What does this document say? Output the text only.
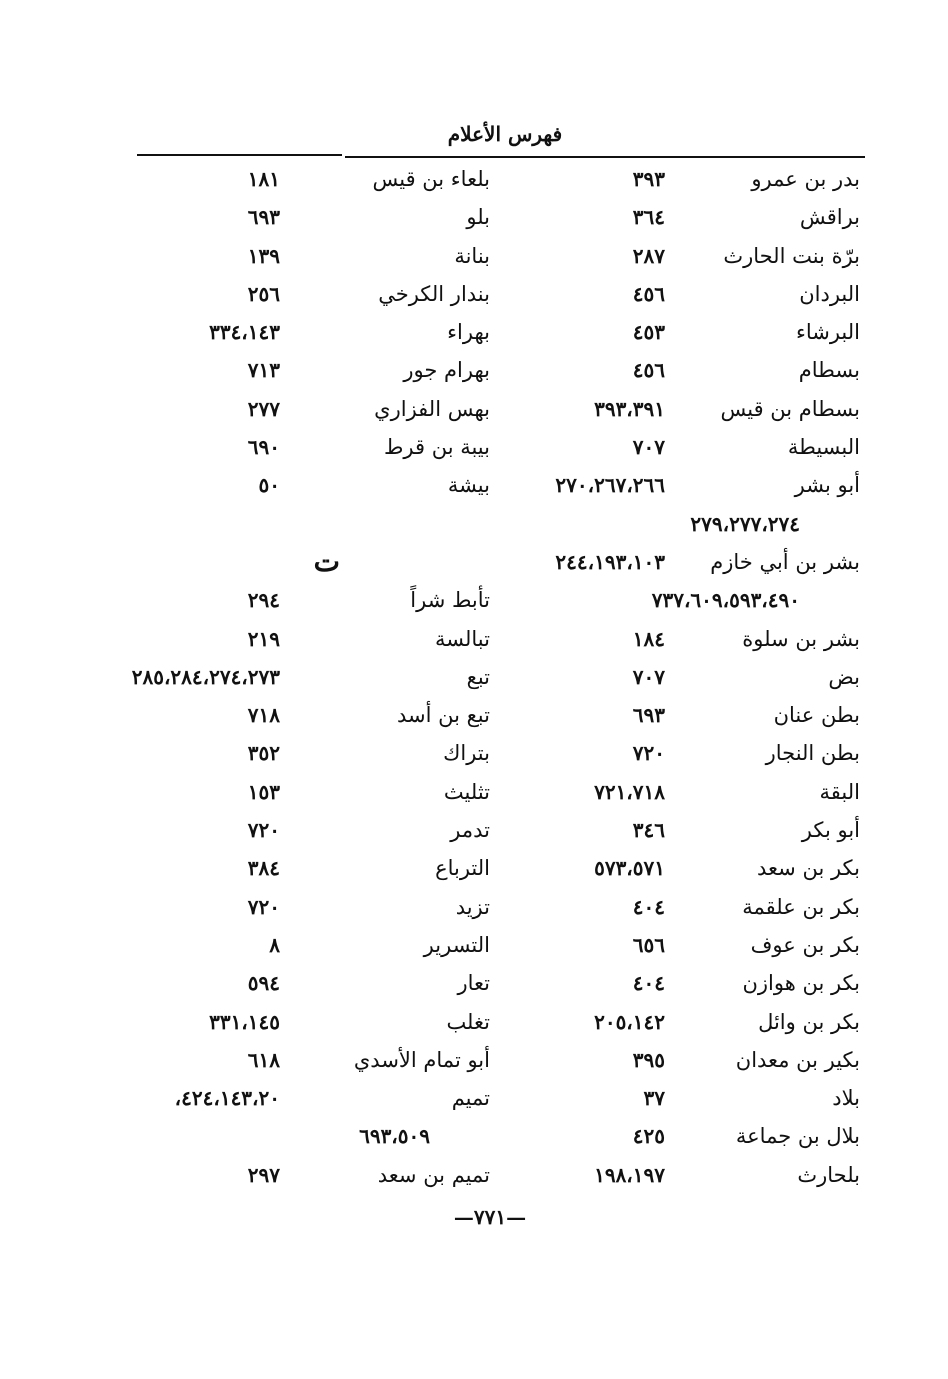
فهرس الأعلام
بدر بن عمرو
٣٩٣
براقش
٣٦٤
برّة بنت الحارث
٢٨٧
البردان
٤٥٦
البرشاء
٤٥٣
بسطام
٤٥٦
بسطام بن قيس
٣٩٣،٣٩١
البسيطة
٧٠٧
أبو بشر
٢٧٠،٢٦٧،٢٦٦
٢٧٩،٢٧٧،٢٧٤
بشر بن أبي خازم
٢٤٤،١٩٣،١٠٣
٧٣٧،٦٠٩،٥٩٣،٤٩٠
بشر بن سلوة
١٨٤
بض
٧٠٧
بطن عنان
٦٩٣
بطن النجار
٧٢٠
البقة
٧٢١،٧١٨
أبو بكر
٣٤٦
بكر بن سعد
٥٧٣،٥٧١
بكر بن علقمة
٤٠٤
بكر بن عوف
٦٥٦
بكر بن هوازن
٤٠٤
بكر بن وائل
٢٠٥،١٤٢
بكير بن معدان
٣٩٥
بلاد
٣٧
بلال بن جماعة
٤٢٥
بلحارث
١٩٨،١٩٧
بلعاء بن قيس
١٨١
بلو
٦٩٣
بنانة
١٣٩
بندار الكرخي
٢٥٦
بهراء
٣٣٤،١٤٣
بهرام جور
٧١٣
بهس الفزاري
٢٧٧
بيبة بن قرط
٦٩٠
بيشة
٥٠
ت
تأبط شراً
٢٩٤
تبالسة
٢١٩
تبع
٢٨٥،٢٨٤،٢٧٤،٢٧٣
تبع بن أسد
٧١٨
بتراك
٣٥٢
تثليث
١٥٣
تدمر
٧٢٠
الترباع
٣٨٤
تزيد
٧٢٠
التسرير
٨
تعار
٥٩٤
تغلب
٣٣١،١٤٥
أبو تمام الأسدي
٦١٨
تميم
٤٢٤،١٤٣،٢٠،
٦٩٣،٥٠٩
تميم بن سعد
٢٩٧
—٧٧١—
